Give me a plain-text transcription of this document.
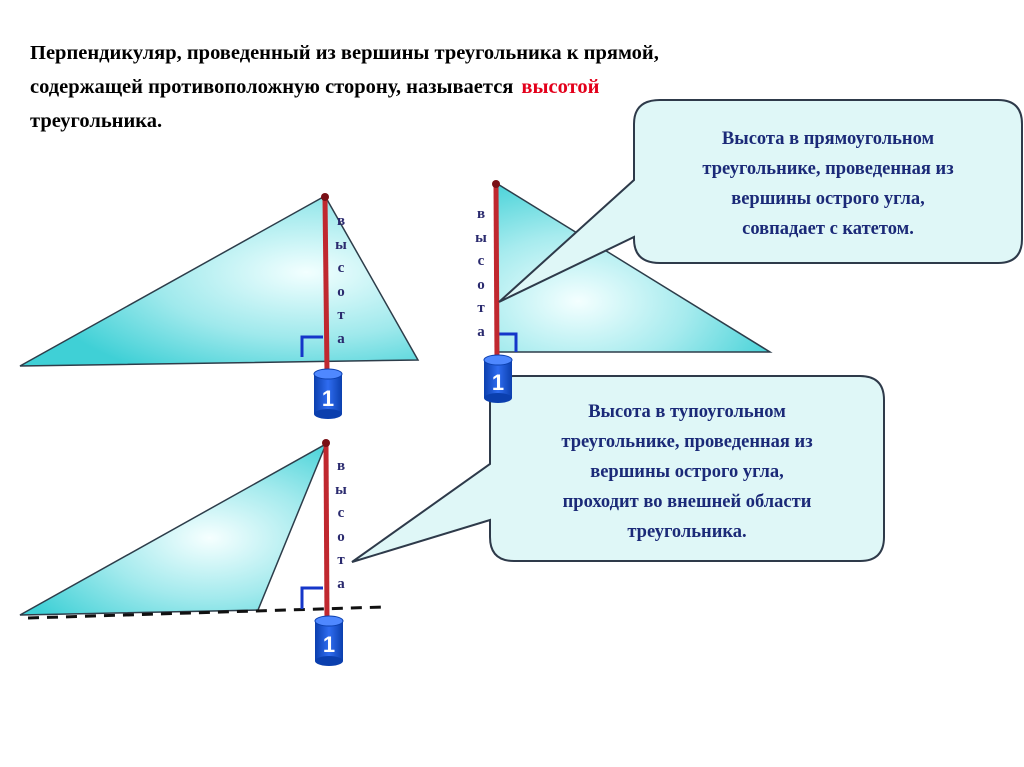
Перпендикуляр, проведенный из вершины треугольника к прямой,
содержащей противоположную сторону, называется высотой
треугольника.
Высота в прямоугольном
треугольнике, проведенная из
вершины острого угла,
совпадает с катетом.
Высота в тупоугольном
треугольнике, проведенная из
вершины острого угла,
проходит во внешней области
треугольника.
в
ы
с
о
т
а
в
ы
с
о
т
а
в
ы
с
о
т
а
1
1
1
